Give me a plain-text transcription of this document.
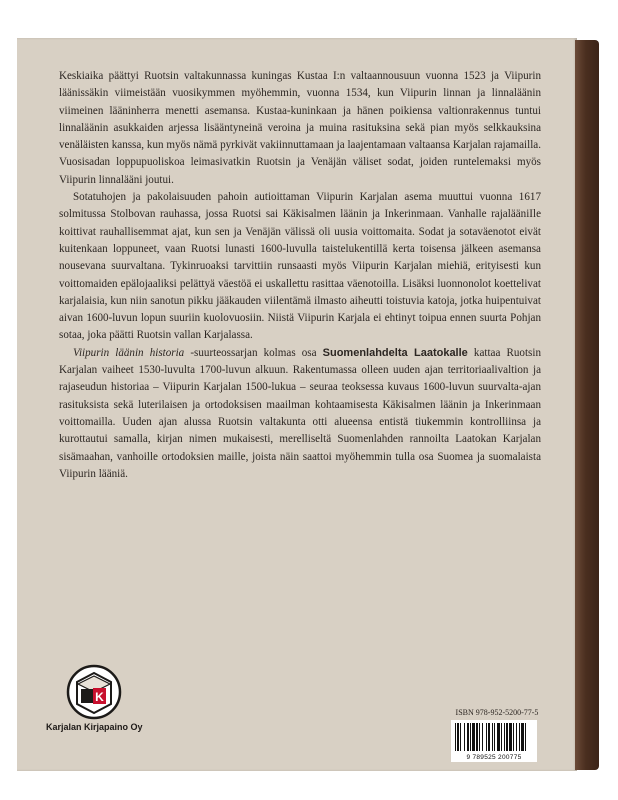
Keskiaika päättyi Ruotsin valtakunnassa kuningas Kustaa I:n valtaannousuun vuonna 1523 ja Viipurin läänissäkin viimeistään vuosikymmen myöhemmin, vuonna 1534, kun Viipurin linnan ja linnaläänin viimeinen lääninherra menetti asemansa. Kustaa-kuninkaan ja hänen poikiensa valtionrakennus tuntui linnaläänin asukkaiden arjessa lisääntyneinä veroina ja muina rasituksina sekä pian myös selkkauksina venäläisten kanssa, kun myös nämä pyrkivät vakiinnuttamaan ja laajentamaan valtaansa Karjalan rajamailla. Vuosisadan loppupuoliskoa leimasivatkin Ruotsin ja Venäjän väliset sodat, joiden runtelemaksi myös Viipurin linnalääni joutui.

Sotatuhojen ja pakolaisuuden pahoin autioittaman Viipurin Karjalan asema muuttui vuonna 1617 solmitussa Stolbovan rauhassa, jossa Ruotsi sai Käkisalmen läänin ja Inkerinmaan. Vanhalle rajalääniIle koittivat rauhallisemmat ajat, kun sen ja Venäjän välissä oli uusia voittomaita. Sodat ja sotaväenotot eivät kuitenkaan loppuneet, vaan Ruotsi lunasti 1600-luvulla taistelukentillä kerta toisensa jälkeen asemansa nousevana suurvaltana. Tykinruoaksi tarvittiin runsaasti myös Viipurin Karjalan miehiä, erityisesti kun voittomaiden epälojaaliksi pelättyä väestöä ei uskallettu rasittaa väenotoilla. Lisäksi luonnonolot koettelivat karjalaisia, kun niin sanotun pikku jääkauden viilentämä ilmasto aiheutti toistuvia katoja, jotka huipentuivat aivan 1600-luvun lopun suuriin kuolovuosiin. Niistä Viipurin Karjala ei ehtinyt toipua ennen suurta Pohjan sotaa, joka päätti Ruotsin vallan Karjalassa.

Viipurin läänin historia -suurteossarjan kolmas osa Suomenlahdelta Laatokalle kattaa Ruotsin Karjalan vaiheet 1530-luvulta 1700-luvun alkuun. Rakentumassa olleen uuden ajan territoriaalivaltion ja rajaseudun historiaa – Viipurin Karjalan 1500-lukua – seuraa teoksessa kuvaus 1600-luvun suurvalta-ajan rasituksista sekä luterilaisen ja ortodoksisen maailman kohtaamisesta Käkisalmen läänin ja Inkerinmaan voittomailla. Uuden ajan alussa Ruotsin valtakunta otti alueensa entistä tiukemmin kontrolliinsa ja kurottautui samalla, kirjan nimen mukaisesti, merelliseltä Suomenlahden rannoilta Laatokan Karjalan sisämaahan, vanhoille ortodoksien maille, joista näin saattoi myöhemmin tulla osa Suomea ja suomalaista Viipurin lääniä.

K
Karjalan Kirjapaino Oy
ISBN 978-952-5200-77-5
9 789525 200775
